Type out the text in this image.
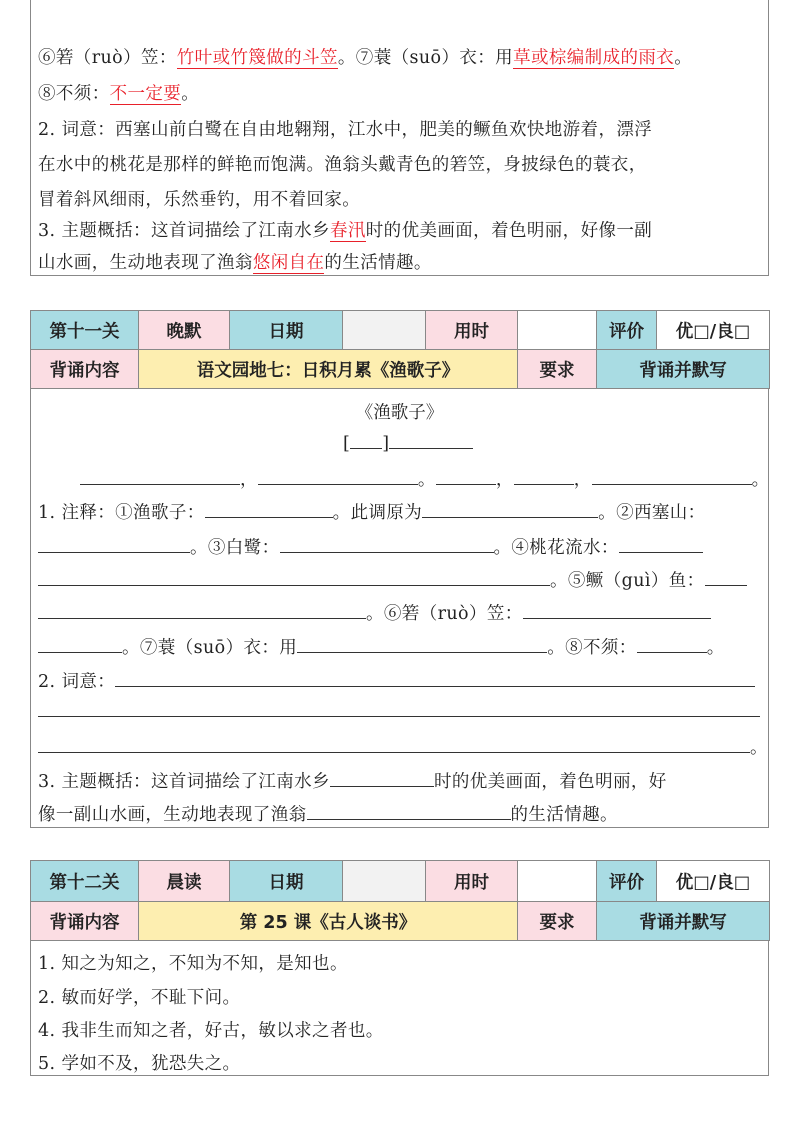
⑥箬（ruò）笠：竹叶或竹篾做的斗笠。⑦蓑（suō）衣：用草或棕编制成的雨衣。
⑧不须：不一定要。
2. 词意：西塞山前白鹭在自由地翱翔，江水中，肥美的鳜鱼欢快地游着，漂浮
在水中的桃花是那样的鲜艳而饱满。渔翁头戴青色的箬笠，身披绿色的蓑衣，
冒着斜风细雨，乐然垂钓，用不着回家。
3. 主题概括：这首词描绘了江南水乡春汛时的优美画面，着色明丽，好像一副
山水画，生动地表现了渔翁悠闲自在的生活情趣。
第十一关	晚默	日期		用时		评价	优□/良□
背诵内容	语文园地七：日积月累《渔歌子》				要求	背诵并默写	
《渔歌子》
[ ]
，	。	，	，	。
1. 注释：①渔歌子：	。此调原为	。②西塞山：
。③白鹭：	。④桃花流水：
。⑤鳜（guì）鱼：
。⑥箬（ruò）笠：
。⑦蓑（suō）衣：用	。⑧不须：	。
2. 词意：
。
3. 主题概括：这首词描绘了江南水乡	时的优美画面，着色明丽，好
像一副山水画，生动地表现了渔翁	的生活情趣。
第十二关	晨读	日期		用时		评价	优□/良□
背诵内容	第 25 课《古人谈书》				要求	背诵并默写	
1. 知之为知之，不知为不知，是知也。
2. 敏而好学，不耻下问。
4. 我非生而知之者，好古，敏以求之者也。
5. 学如不及，犹恐失之。
